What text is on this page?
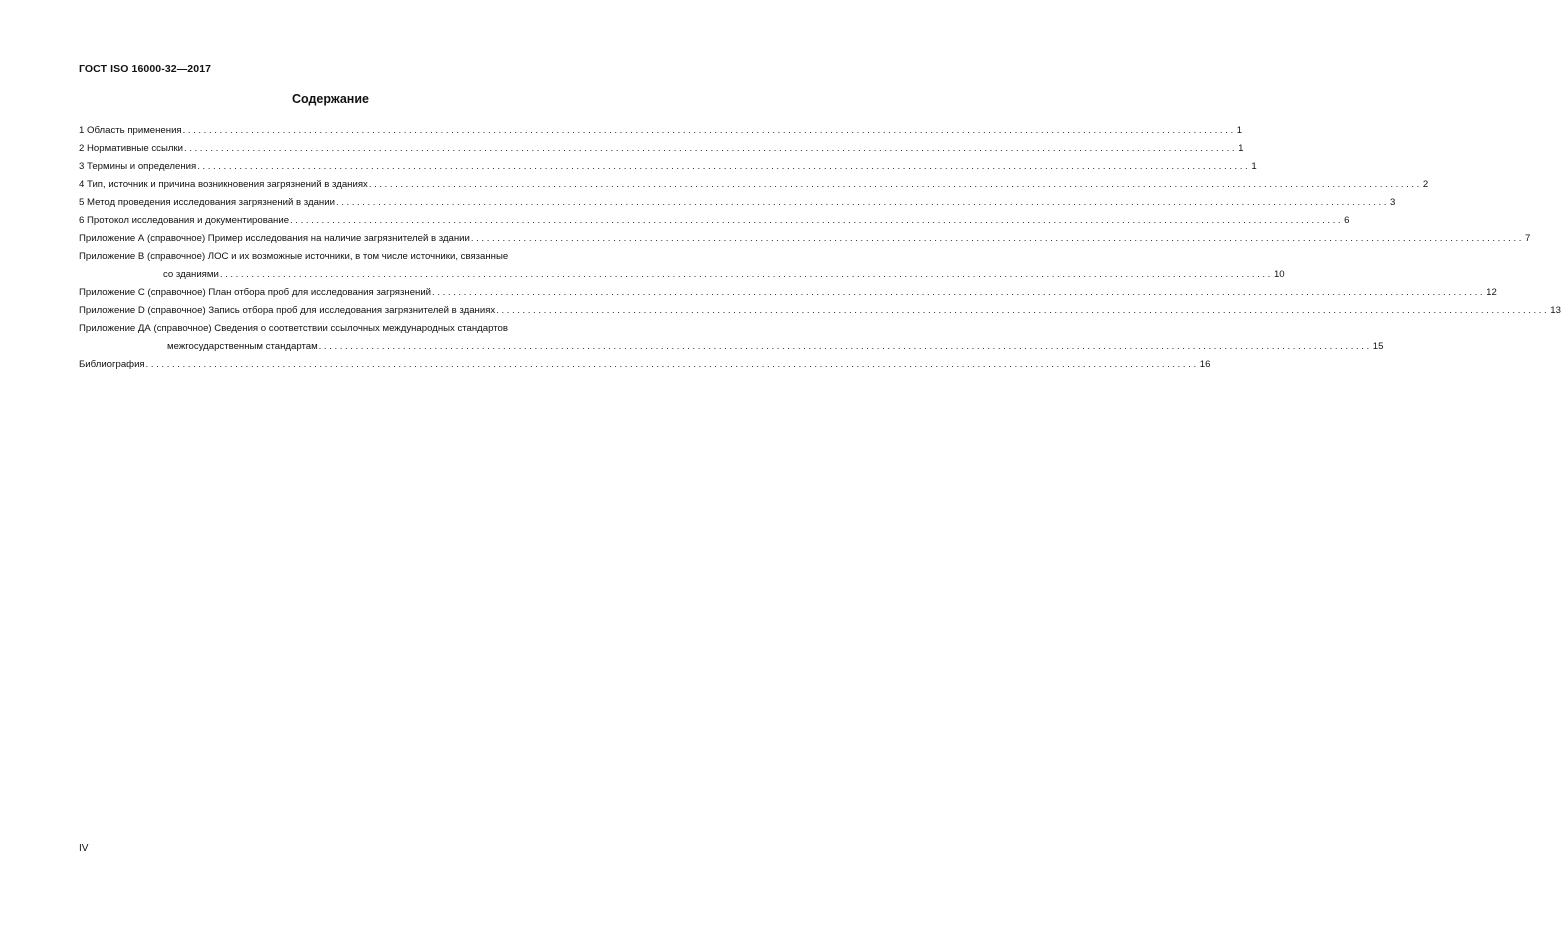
ГОСТ ISO 16000-32—2017
Содержание
1 Область применения ........................................................................................................................................................................................................ 1
2 Нормативные ссылки ........................................................................................................................................................................................................ 1
3 Термины и определения ........................................................................................................................................................................................................ 1
4 Тип, источник и причина возникновения загрязнений в зданиях ........................................................................................................................................................................................................ 2
5 Метод проведения исследования загрязнений в здании ........................................................................................................................................................................................................ 3
6 Протокол исследования и документирование ........................................................................................................................................................................................................ 6
Приложение А (справочное) Пример исследования на наличие загрязнителей в здании ........................................................................................................................................................................................................ 7
Приложение В (справочное) ЛОС и их возможные источники, в том числе источники, связанные
со зданиями ........................................................................................................................................................................................................ 10
Приложение С (справочное) План отбора проб для исследования загрязнений ........................................................................................................................................................................................................ 12
Приложение D (справочное) Запись отбора проб для исследования загрязнителей в зданиях ........................................................................................................................................................................................................ 13
Приложение ДА (справочное) Сведения о соответствии ссылочных международных стандартов
межгосударственным стандартам ........................................................................................................................................................................................................ 15
Библиография ........................................................................................................................................................................................................ 16
IV
